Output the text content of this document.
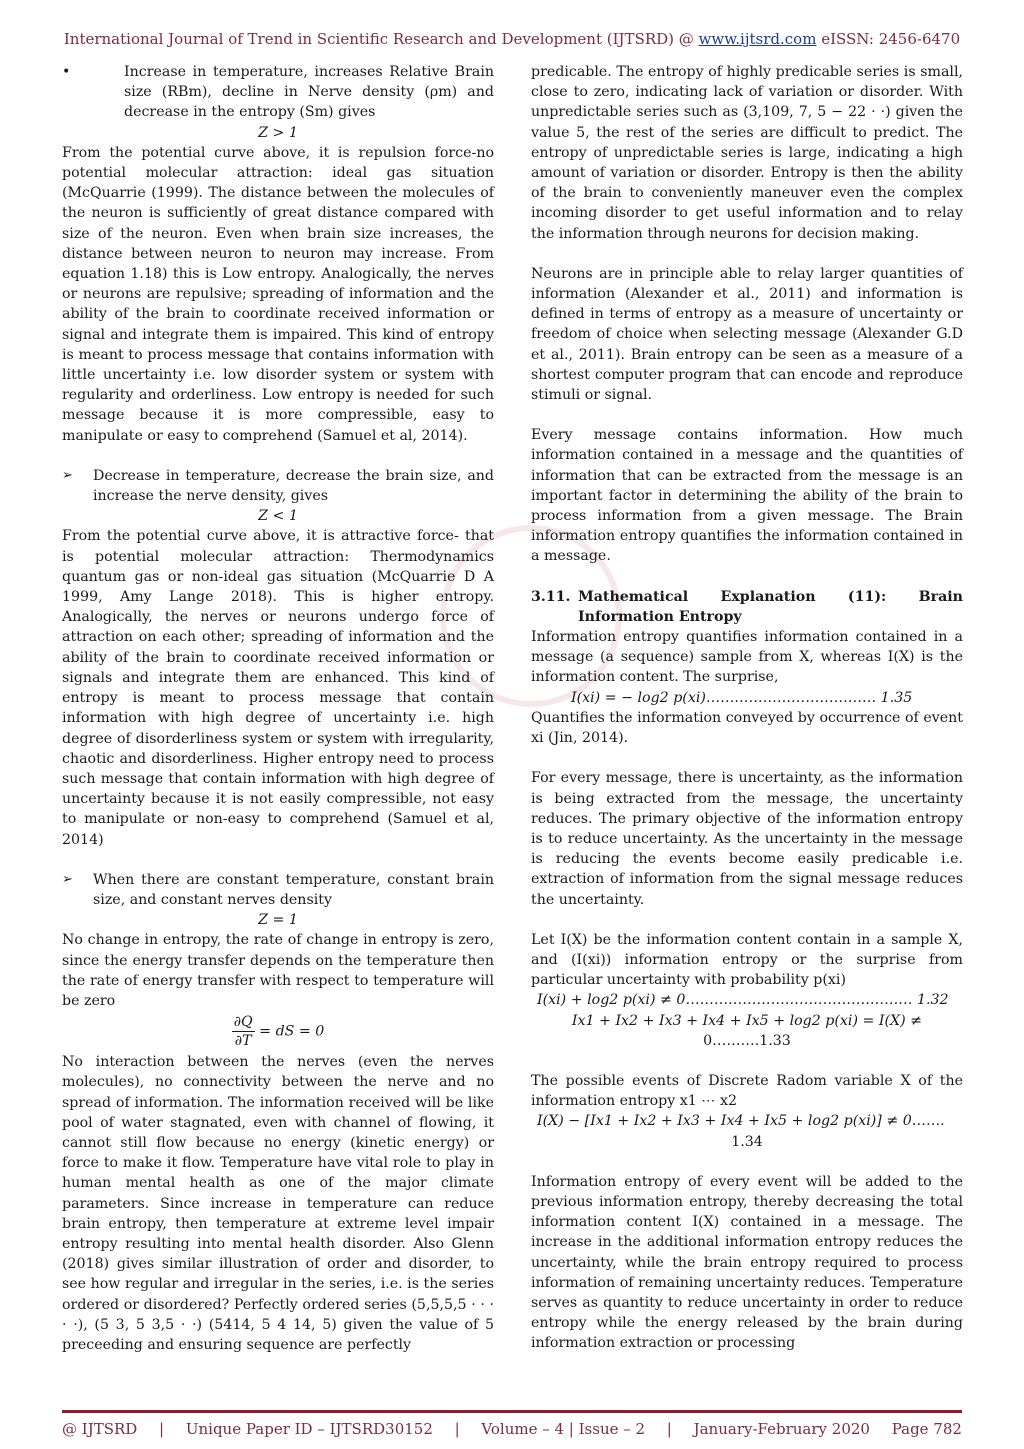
International Journal of Trend in Scientific Research and Development (IJTSRD) @ www.ijtsrd.com eISSN: 2456-6470
•	Increase in temperature, increases Relative Brain size (RBm), decline in Nerve density (ρm) and decrease in the entropy (Sm) gives

Z > 1

From the potential curve above, it is repulsion force-no potential molecular attraction: ideal gas situation (McQuarrie (1999). The distance between the molecules of the neuron is sufficiently of great distance compared with size of the neuron. Even when brain size increases, the distance between neuron to neuron may increase. From equation 1.18) this is Low entropy. Analogically, the nerves or neurons are repulsive; spreading of information and the ability of the brain to coordinate received information or signal and integrate them is impaired. This kind of entropy is meant to process message that contains information with little uncertainty i.e. low disorder system or system with regularity and orderliness. Low entropy is needed for such message because it is more compressible, easy to manipulate or easy to comprehend (Samuel et al, 2014).

➢	Decrease in temperature, decrease the brain size, and increase the nerve density, gives

Z < 1

From the potential curve above, it is attractive force- that is potential molecular attraction: Thermodynamics quantum gas or non-ideal gas situation (McQuarrie D A 1999, Amy Lange 2018). This is higher entropy. Analogically, the nerves or neurons undergo force of attraction on each other; spreading of information and the ability of the brain to coordinate received information or signals and integrate them are enhanced. This kind of entropy is meant to process message that contain information with high degree of uncertainty i.e. high degree of disorderliness system or system with irregularity, chaotic and disorderliness. Higher entropy need to process such message that contain information with high degree of uncertainty because it is not easily compressible, not easy to manipulate or non-easy to comprehend (Samuel et al, 2014)

➢	When there are constant temperature, constant brain size, and constant nerves density

Z = 1

No change in entropy, the rate of change in entropy is zero, since the energy transfer depends on the temperature then the rate of energy transfer with respect to temperature will be zero

$\frac{\partial Q}{\partial T}$ = dS = 0

No interaction between the nerves (even the nerves molecules), no connectivity between the nerve and no spread of information. The information received will be like pool of water stagnated, even with channel of flowing, it cannot still flow because no energy (kinetic energy) or force to make it flow. Temperature have vital role to play in human mental health as one of the major climate parameters. Since increase in temperature can reduce brain entropy, then temperature at extreme level impair entropy resulting into mental health disorder. Also Glenn (2018) gives similar illustration of order and disorder, to see how regular and irregular in the series, i.e. is the series ordered or disordered? Perfectly ordered series (5,5,5,5 · · · · ·), (5 3, 5 3,5 · ·) (5414, 5 4 14, 5) given the value of 5 preceeding and ensuring sequence are perfectly

predicable. The entropy of highly predicable series is small, close to zero, indicating lack of variation or disorder. With unpredictable series such as (3,109, 7, 5 − 22 · ·) given the value 5, the rest of the series are difficult to predict. The entropy of unpredictable series is large, indicating a high amount of variation or disorder. Entropy is then the ability of the brain to conveniently maneuver even the complex incoming disorder to get useful information and to relay the information through neurons for decision making.

Neurons are in principle able to relay larger quantities of information (Alexander et al., 2011) and information is defined in terms of entropy as a measure of uncertainty or freedom of choice when selecting message (Alexander G.D et al., 2011). Brain entropy can be seen as a measure of a shortest computer program that can encode and reproduce stimuli or signal.

Every message contains information. How much information contained in a message and the quantities of information that can be extracted from the message is an important factor in determining the ability of the brain to process information from a given message. The Brain information entropy quantifies the information contained in a message.

3.11. Mathematical Explanation (11): Brain

Information Entropy

Information entropy quantifies information contained in a message (a sequence) sample from X, whereas I(X) is the information content. The surprise,

I(xi) = − log2 p(xi)……………………………… 1.35

Quantifies the information conveyed by occurrence of event xi (Jin, 2014).

For every message, there is uncertainty, as the information is being extracted from the message, the uncertainty reduces. The primary objective of the information entropy is to reduce uncertainty. As the uncertainty in the message is reducing the events become easily predicable i.e. extraction of information from the signal message reduces the uncertainty.

Let I(X) be the information content contain in a sample X, and (I(xi)) information entropy or the surprise from particular uncertainty with probability p(xi)

I(xi) + log2 p(xi) ≠ 0………………………………………… 1.32

Ix1 + Ix2 + Ix3 + Ix4 + Ix5 + log2 p(xi) = I(X) ≠

0……….1.33

The possible events of Discrete Radom variable X of the information entropy x1 ⋯ x2

I(X) − [Ix1 + Ix2 + Ix3 + Ix4 + Ix5 + log2 p(xi)] ≠ 0…….

1.34

Information entropy of every event will be added to the previous information entropy, thereby decreasing the total information content I(X) contained in a message. The increase in the additional information entropy reduces the uncertainty, while the brain entropy required to process information of remaining uncertainty reduces. Temperature serves as quantity to reduce uncertainty in order to reduce entropy while the energy released by the brain during information extraction or processing

@ IJTSRD | Unique Paper ID – IJTSRD30152 | Volume – 4 | Issue – 2 | January-February 2020 Page 782
